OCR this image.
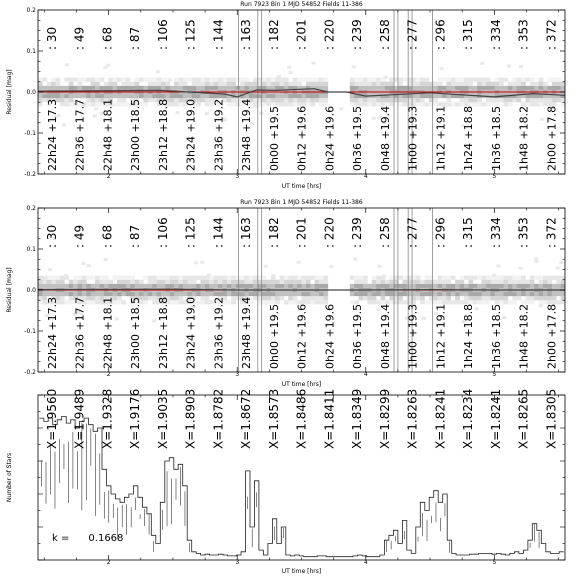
-0.2
-0.1
0.0
0.1
0.2
Residual [mag]
Run 7923 Bin 1 MJD 54852 Fields 11-386
: 30
22h24 +17.3
: 49
22h36 +17.7
: 68
22h48 +18.1
: 87
23h00 +18.5
: 106
23h12 +18.8
: 125
23h24 +19.0
: 144
23h36 +19.2
: 163
23h48 +19.4
: 182
0h00 +19.5
: 201
0h12 +19.6
: 220
0h24 +19.6
: 239
0h36 +19.5
: 258
0h48 +19.4
: 277
1h00 +19.3
: 296
1h12 +19.1
: 315
1h24 +18.8
: 334
1h36 +18.5
: 353
1h48 +18.2
: 372
2h00 +17.8
2	3	4	5
UT time [hrs]
-0.2
-0.1
0.0
0.1
0.2
Residual [mag]
Run 7923 Bin 1 MJD 54852 Fields 11-386
: 30
22h24 +17.3
: 49
22h36 +17.7
: 68
22h48 +18.1
: 87
23h00 +18.5
: 106
23h12 +18.8
: 125
23h24 +19.0
: 144
23h36 +19.2
: 163
23h48 +19.4
: 182
0h00 +19.5
: 201
0h12 +19.6
: 220
0h24 +19.6
: 239
0h36 +19.5
: 258
0h48 +19.4
: 277
1h00 +19.3
: 296
1h12 +19.1
: 315
1h24 +18.8
: 334
1h36 +18.5
: 353
1h48 +18.2
: 372
2h00 +17.8
2	3	4	5
UT time [hrs]
Number of Stars
X=1.9560 X=1.9489 X=1.9328 X=1.9176 X=1.9035 X=1.8903 X=1.8782 X=1.8672 X=1.8573 X=1.8486 X=1.8411 X=1.8349 X=1.8299 X=1.8263 X=1.8241 X=1.8234 X=1.8241 X=1.8265 X=1.8305
k =      0.1668
2	3	4	5
UT time [hrs]
